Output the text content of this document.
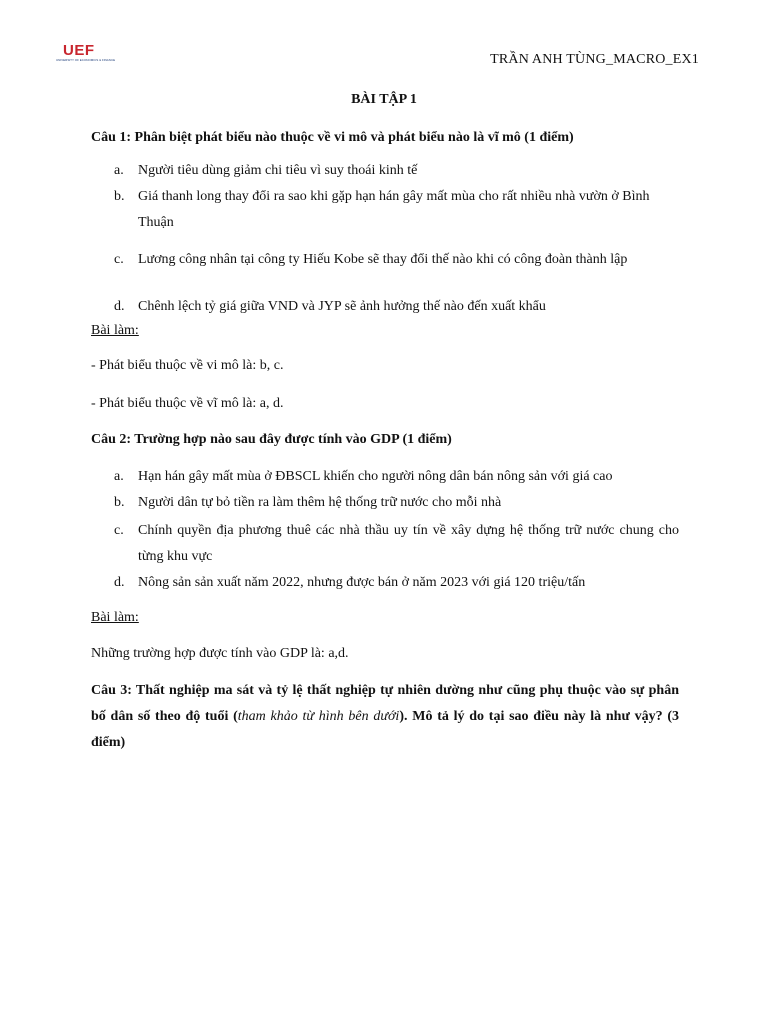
UEF
UNIVERSITY OF ECONOMICS & FINANCE	TRẦN ANH TÙNG_MACRO_EX1
BÀI TẬP 1
Câu 1: Phân biệt phát biểu nào thuộc về vi mô và phát biểu nào là vĩ mô (1 điểm)
a. Người tiêu dùng giảm chi tiêu vì suy thoái kinh tế
b. Giá thanh long thay đổi ra sao khi gặp hạn hán gây mất mùa cho rất nhiều nhà vườn ở Bình Thuận
c. Lương công nhân tại công ty Hiếu Kobe sẽ thay đổi thế nào khi có công đoàn thành lập
d. Chênh lệch tỷ giá giữa VND và JYP sẽ ảnh hưởng thế nào đến xuất khẩu
Bài làm:
- Phát biểu thuộc về vi mô là: b, c.
- Phát biểu thuộc về vĩ mô là: a, d.
Câu 2: Trường hợp nào sau đây được tính vào GDP (1 điểm)
a. Hạn hán gây mất mùa ở ĐBSCL khiến cho người nông dân bán nông sản với giá cao
b. Người dân tự bỏ tiền ra làm thêm hệ thống trữ nước cho mỗi nhà
c. Chính quyền địa phương thuê các nhà thầu uy tín về xây dựng hệ thống trữ nước chung cho từng khu vực
d. Nông sản sản xuất năm 2022, nhưng được bán ở năm 2023 với giá 120 triệu/tấn
Bài làm:
Những trường hợp được tính vào GDP là: a,d.
Câu 3: Thất nghiệp ma sát và tỷ lệ thất nghiệp tự nhiên dường như cũng phụ thuộc vào sự phân bố dân số theo độ tuổi (tham khảo từ hình bên dưới). Mô tả lý do tại sao điều này là như vậy? (3 điểm)
